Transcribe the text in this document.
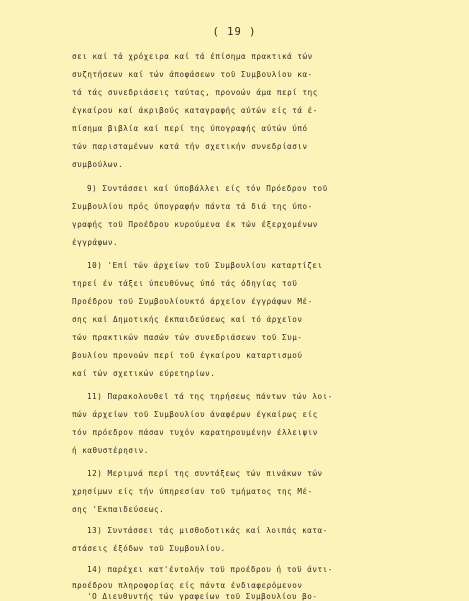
( 19 )
σει καί τά χρόχειρα καί τά έπίσημα πρακτικά τών
συζητήσεων καί τών άποφάσεων τοϋ Συμβουλίου κα-
τά τάς συνεδριάσεις ταύτας, προνοών άμα περί της
έγκαίρου καί άκριβούς καταγραφής αύτών είς τά έ-
πίσημα βιβλία καί περί της ύπογραφής αύτών ύπό
τών παρισταμένων κατά τήν σχετικήν συνεδρίασιν
συμβούλων.
9) Συντάσσει καί ύποβάλλει είς τόν Πρόεδρον τοϋ
Συμβουλίου πρός ύπογραφήν πάντα τά διά της ύπο-
γραφής τοϋ Προέδρου κυρούμενα έκ τών έξερχομένων
έγγράφων.
10) 'Επί τών άρχείων τοϋ Συμβουλίου καταρτίζει
τηρεί έν τάξει ύπευθύνως ύπό τάς όδηγίας τοϋ
Προέδρου τοϋ Συμβουλίουκτό άρχεϊον έγγράφων Μέ-
σης καί Δημοτικής έκπαιδεύσεως καί τό άρχεϊον
τών πρακτικών πασών τών συνεδριάσεων τοϋ Συμ-
βουλίου προνοών περί τοϋ έγκαίρου καταρτισμού
καί τών σχετικών εύρετηρίων.
11) Παρακολουθεϊ τά της τηρήσεως πάντων τών λοι-
πών άρχείων τοϋ Συμβουλίου άναφέρων έγκαίρως είς
τόν πρόεδρον πάσαν τυχόν καρατηρουμένην έλλειψιν
ή καθυστέρησιν.
12) Μεριμνά περί της συντάξεως τών πινάκων τών
χρησίμων είς τήν ύπηρεσίαν τοϋ τμήματος της Μέ-
σης 'Εκπαιδεύσεως.
13) Συντάσσει τάς μισθοδοτικάς καί λοιπάς κατα-
στάσεις έξόδων τοϋ Συμβουλίου.
14) παρέχει κατ'έντολήν τοϋ προέδρου ή τοϋ άντι-
προέδρου πληροφορίας είς πάντα ένδιαφερόμενον
'Ο Διευθυντής τών γραφείων τοϋ Συμβουλίου βο-
